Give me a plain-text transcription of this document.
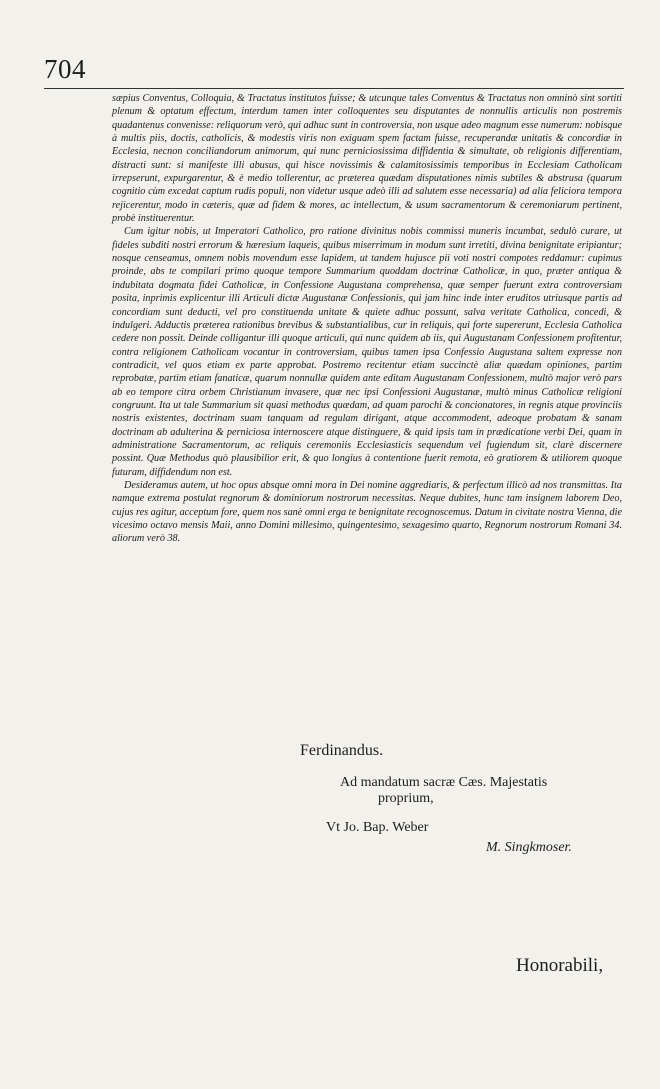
704

sæpius Conventus, Colloquia, & Tractatus institutos fuisse; & utcunque tales Conventus & Tractatus non omninò sint sortiti plenum & optatum effectum, interdum tamen inter colloquentes seu disputantes de nonnullis articulis non postremis quadantenus convenisse: reliquorum verò, qui adhuc sunt in controversia, non usque adeo magnum esse numerum: nobisque à multis piis, doctis, catholicis, & modestis viris non exiguam spem factam fuisse, recuperandæ unitatis & concordiæ in Ecclesia, necnon conciliandorum animorum, qui nunc perniciosissima diffidentia & simultate, ob religionis differentiam, distracti sunt: si manifeste illi abusus, qui hisce novissimis & calamitosissimis temporibus in Ecclesiam Catholicam irrepserunt, expurgarentur, & è medio tollerentur, ac præterea quædam disputationes nimis subtiles & abstrusa (quarum cognitio cùm excedat captum rudis populi, non videtur usque adeò illi ad salutem esse necessaria) ad alia feliciora tempora rejicerentur, modo in cæteris, quæ ad fidem & mores, ac intellectum, & usum sacramentorum & ceremoniarum pertinent, probè instituerentur.

Cum igitur nobis, ut Imperatori Catholico, pro ratione divinitus nobis commissi muneris incumbat, sedulò curare, ut fideles subditi nostri errorum & hæresium laqueis, quibus miserrimum in modum sunt irretiti, divina benignitate eripiantur; nosque censeamus, omnem nobis movendum esse lapidem, ut tandem hujusce pii voti nostri compotes reddamur: cupimus proinde, abs te compilari primo quoque tempore Summarium quoddam doctrinæ Catholicæ, in quo, præter antiqua & indubitata dogmata fidei Catholicæ, in Confessione Augustana comprehensa, quæ semper fuerunt extra controversiam posita, inprimis explicentur illi Articuli dictæ Augustanæ Confessionis, qui jam hinc inde inter eruditos utriusque partis ad concordiam sunt deducti, vel pro constituenda unitate & quiete adhuc possunt, salva veritate Catholica, concedi, & indulgeri. Adductis præterea rationibus brevibus & substantialibus, cur in reliquis, qui forte supererunt, Ecclesia Catholica cedere non possit. Deinde colligantur illi quoque articuli, qui nunc quidem ab iis, qui Augustanam Confessionem profitentur, contra religionem Catholicam vocantur in controversiam, quibus tamen ipsa Confessio Augustana saltem expresse non contradicit, vel quos etiam ex parte approbat. Postremo recitentur etiam succinctè aliæ quædam opiniones, partim reprobatæ, partim etiam fanaticæ, quarum nonnullæ quidem ante editam Augustanam Confessionem, multò major verò pars ab eo tempore citra orbem Christianum invasere, quæ nec ipsi Confessioni Augustanæ, multò minus Catholicæ religioni congruunt. Ita ut tale Summarium sit quasi methodus quædam, ad quam parochi & concionatores, in regnis atque provinciis nostris existentes, doctrinam suam tanquam ad regulam dirigant, atque accommodent, adeoque probatam & sanam doctrinam ab adulterina & perniciosa internoscere atque distinguere, & quid ipsis tam in prædicatione verbi Dei, quam in administratione Sacramentorum, ac reliquis ceremoniis Ecclesiasticis sequendum vel fugiendum sit, clarè discernere possint. Quæ Methodus quò plausibilior erit, & quo longius à contentione fuerit remota, eò gratiorem & utiliorem quoque futuram, diffidendum non est.

Desideramus autem, ut hoc opus absque omni mora in Dei nomine aggrediaris, & perfectum illicò ad nos transmittas. Ita namque extrema postulat regnorum & dominiorum nostrorum necessitas. Neque dubites, hunc tam insignem laborem Deo, cujus res agitur, acceptum fore, quem nos sanè omni erga te benignitate recognoscemus. Datum in civitate nostra Vienna, die vicesimo octavo mensis Maii, anno Domini millesimo, quingentesimo, sexagesimo quarto, Regnorum nostrorum Romani 34. aliorum verò 38.

Ferdinandus.
Ad mandatum sacræ Cæs. Majestatis
proprium,
Vt Jo. Bap. Weber
M. Singkmoser.
Honorabili,
